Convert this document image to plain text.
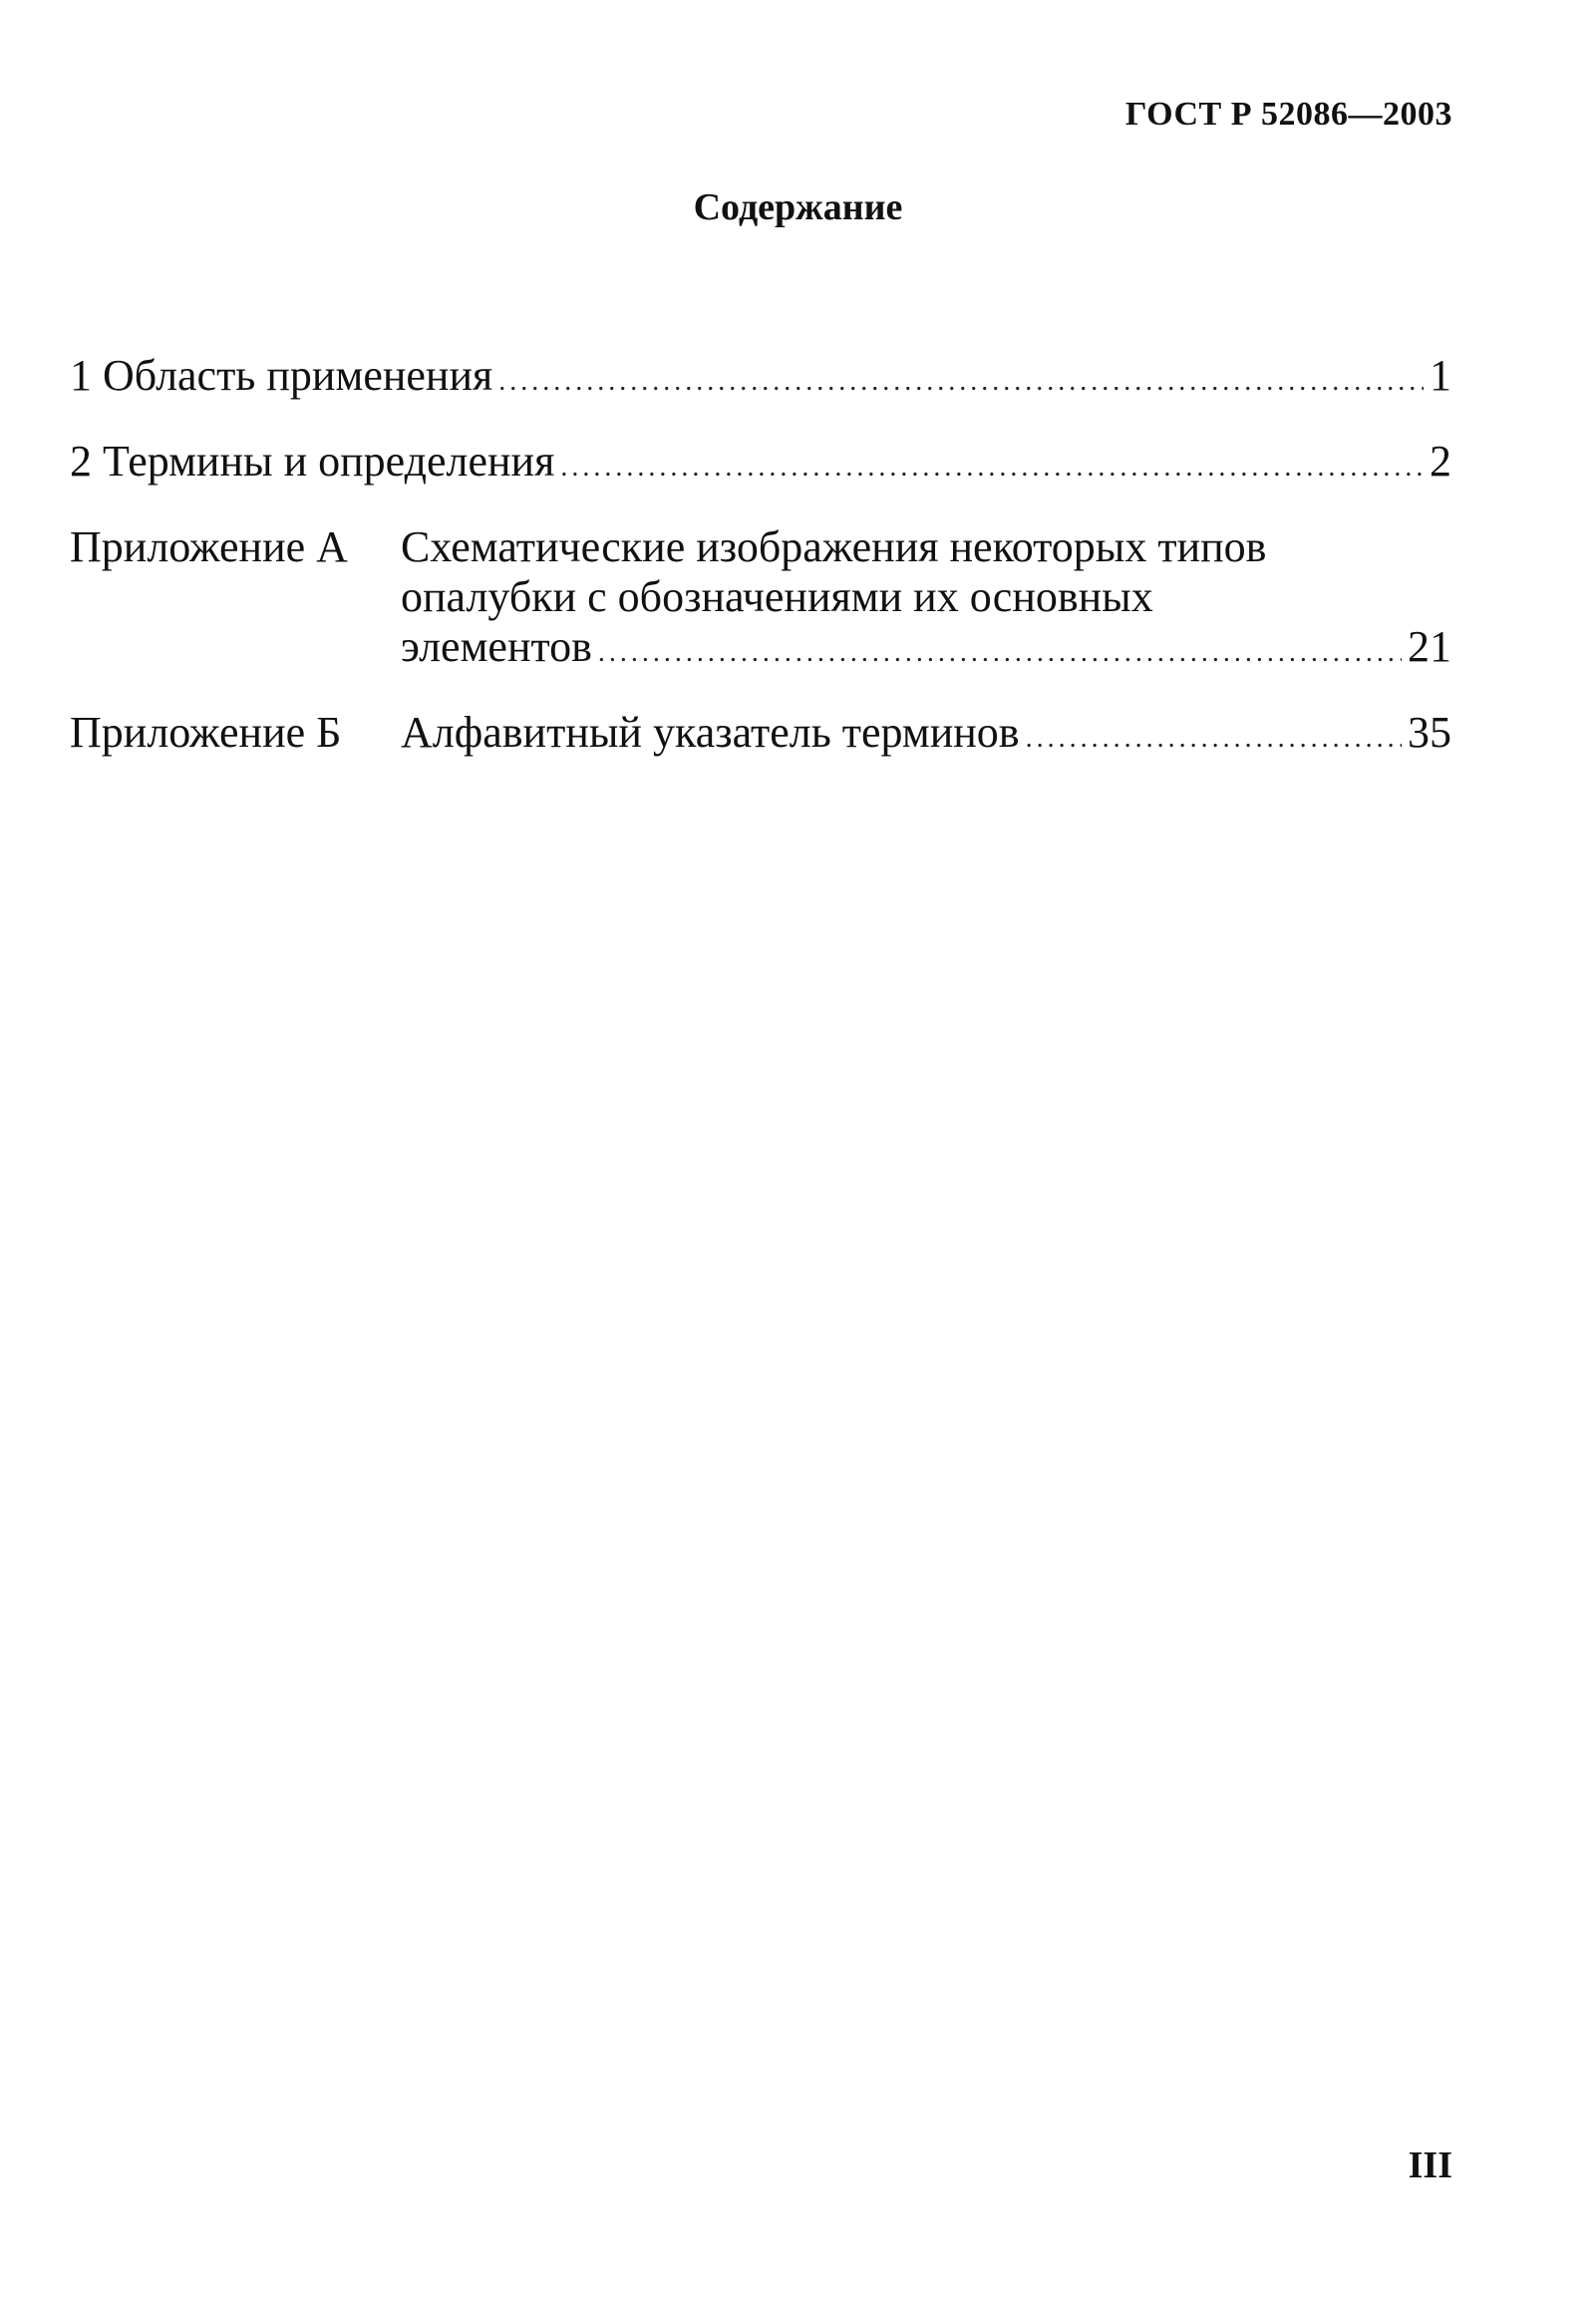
ГОСТ Р 52086—2003
Содержание
1 Область применения .....	1
2 Термины и определения .....	2
Приложение А	Схематические изображения некоторых типов
опалубки с обозначениями их основных
элементов .....	21
Приложение Б	Алфавитный указатель терминов .....	35
III
